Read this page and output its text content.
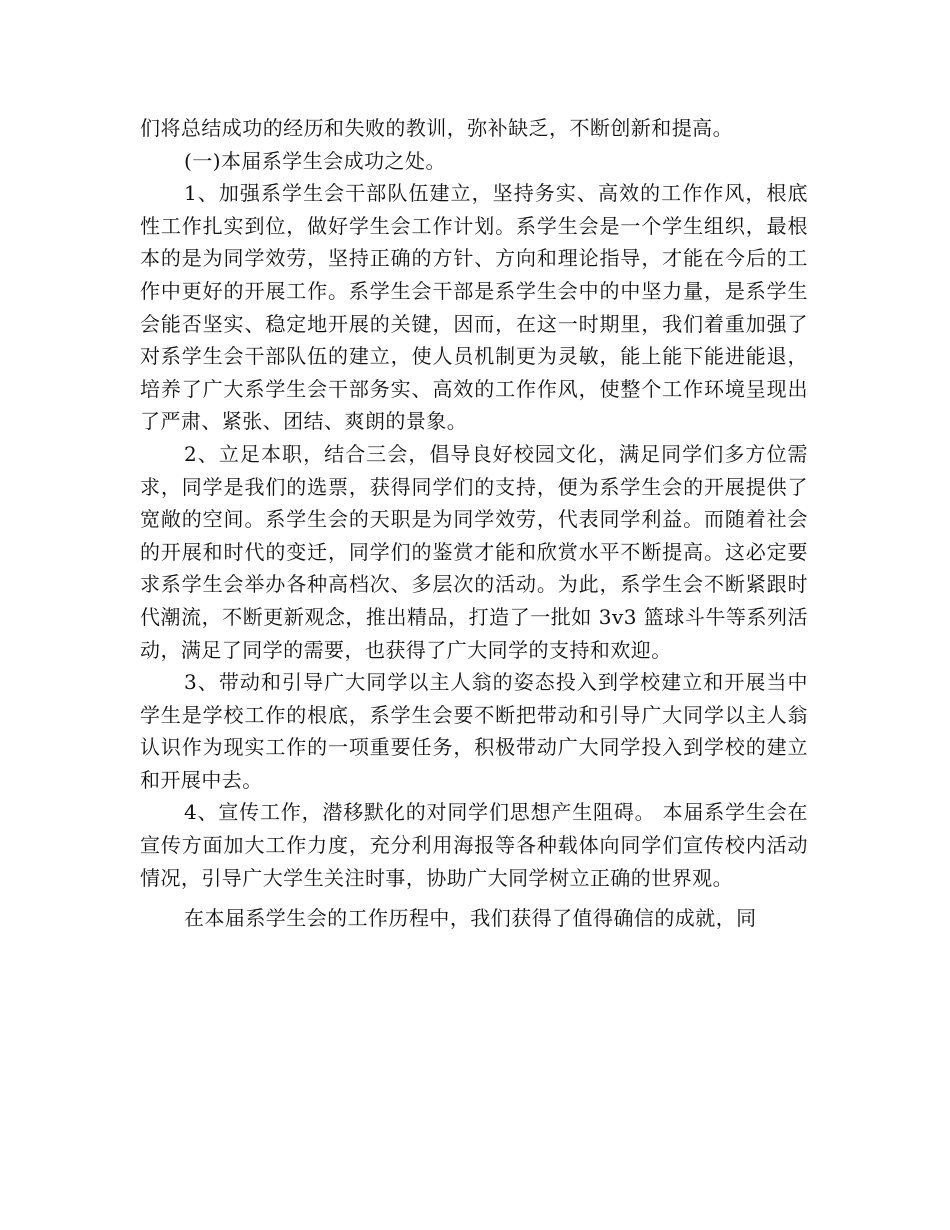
们将总结成功的经历和失败的教训，弥补缺乏，不断创新和提高。

(一)本届系学生会成功之处。

1、加强系学生会干部队伍建立，坚持务实、高效的工作作风，根底性工作扎实到位，做好学生会工作计划。系学生会是一个学生组织，最根本的是为同学效劳，坚持正确的方针、方向和理论指导，才能在今后的工作中更好的开展工作。系学生会干部是系学生会中的中坚力量，是系学生会能否坚实、稳定地开展的关键，因而，在这一时期里，我们着重加强了对系学生会干部队伍的建立，使人员机制更为灵敏，能上能下能进能退，培养了广大系学生会干部务实、高效的工作作风，使整个工作环境呈现出了严肃、紧张、团结、爽朗的景象。

2、立足本职，结合三会，倡导良好校园文化，满足同学们多方位需求，同学是我们的选票，获得同学们的支持，便为系学生会的开展提供了宽敞的空间。系学生会的天职是为同学效劳，代表同学利益。而随着社会的开展和时代的变迁，同学们的鉴赏才能和欣赏水平不断提高。这必定要求系学生会举办各种高档次、多层次的活动。为此，系学生会不断紧跟时代潮流，不断更新观念，推出精品，打造了一批如 3v3 篮球斗牛等系列活动，满足了同学的需要，也获得了广大同学的支持和欢迎。

3、带动和引导广大同学以主人翁的姿态投入到学校建立和开展当中 学生是学校工作的根底，系学生会要不断把带动和引导广大同学以主人翁认识作为现实工作的一项重要任务，积极带动广大同学投入到学校的建立和开展中去。

4、宣传工作，潜移默化的对同学们思想产生阻碍。 本届系学生会在宣传方面加大工作力度，充分利用海报等各种载体向同学们宣传校内活动情况，引导广大学生关注时事，协助广大同学树立正确的世界观。

在本届系学生会的工作历程中，我们获得了值得确信的成就，同
